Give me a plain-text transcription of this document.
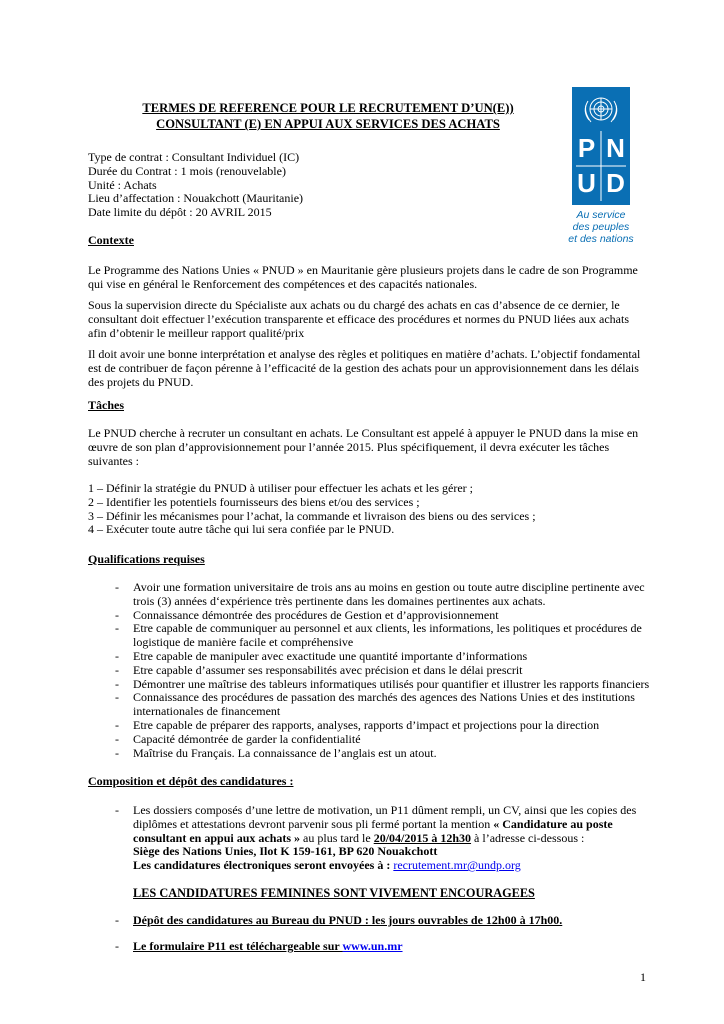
TERMES DE REFERENCE POUR LE RECRUTEMENT D’UN(E))
CONSULTANT (E) EN APPUI AUX SERVICES DES ACHATS
P N
U D
Au service
des peuples
et des nations
Type de contrat : Consultant Individuel (IC)
Durée du Contrat : 1 mois (renouvelable)
Unité : Achats
Lieu d’affectation : Nouakchott (Mauritanie)
Date limite du dépôt : 20 AVRIL 2015
Contexte
Le Programme des Nations Unies « PNUD » en Mauritanie gère plusieurs projets dans le cadre de son Programme
qui vise en général le Renforcement des compétences et des capacités nationales.
Sous la supervision directe du Spécialiste aux achats ou du chargé des achats en cas d’absence de ce dernier, le
consultant doit effectuer l’exécution transparente et efficace des procédures et normes du PNUD liées aux achats
afin d’obtenir le meilleur rapport qualité/prix
Il doit avoir une bonne interprétation et analyse des règles et politiques en matière d’achats. L’objectif fondamental
est de contribuer de façon pérenne à l’efficacité de la gestion des achats pour un approvisionnement dans les délais
des projets du PNUD.
Tâches
Le PNUD cherche à recruter un consultant en achats. Le Consultant est appelé à appuyer le PNUD dans la mise en
œuvre de son plan d’approvisionnement pour l’année 2015. Plus spécifiquement, il devra exécuter les tâches
suivantes :
1 – Définir la stratégie du PNUD à utiliser pour effectuer les achats et les gérer ;
2 – Identifier les potentiels fournisseurs des biens et/ou des services ;
3 – Définir les mécanismes pour l’achat, la commande et livraison des biens ou des services ;
4 – Exécuter toute autre tâche qui lui sera confiée par le PNUD.
Qualifications requises
- Avoir une formation universitaire de trois ans au moins en gestion ou toute autre discipline pertinente avec
trois (3) années d‘expérience très pertinente dans les domaines pertinentes aux achats.
- Connaissance démontrée des procédures de Gestion et d’approvisionnement
- Etre capable de communiquer au personnel et aux clients, les informations, les politiques et procédures de
logistique de manière facile et compréhensive
- Etre capable de manipuler avec exactitude une quantité importante d’informations
- Etre capable d’assumer ses responsabilités avec précision et dans le délai prescrit
- Démontrer une maîtrise des tableurs informatiques utilisés pour quantifier et illustrer les rapports financiers
- Connaissance des procédures de passation des marchés des agences des Nations Unies et des institutions
internationales de financement
- Etre capable de préparer des rapports, analyses, rapports d’impact et projections pour la direction
- Capacité démontrée de garder la confidentialité
- Maîtrise du Français. La connaissance de l’anglais est un atout.
Composition et dépôt des candidatures :
- Les dossiers composés d’une lettre de motivation, un P11 dûment rempli, un CV, ainsi que les copies des
diplômes et attestations devront parvenir sous pli fermé portant la mention « Candidature au poste
consultant en appui aux achats » au plus tard le 20/04/2015 à 12h30 à l’adresse ci-dessous :
Siège des Nations Unies, Ilot K 159-161, BP 620 Nouakchott
Les candidatures électroniques seront envoyées à : recrutement.mr@undp.org
LES CANDIDATURES FEMININES SONT VIVEMENT ENCOURAGEES
- Dépôt des candidatures au Bureau du PNUD : les jours ouvrables de 12h00 à 17h00.
- Le formulaire P11 est téléchargeable sur www.un.mr
1
